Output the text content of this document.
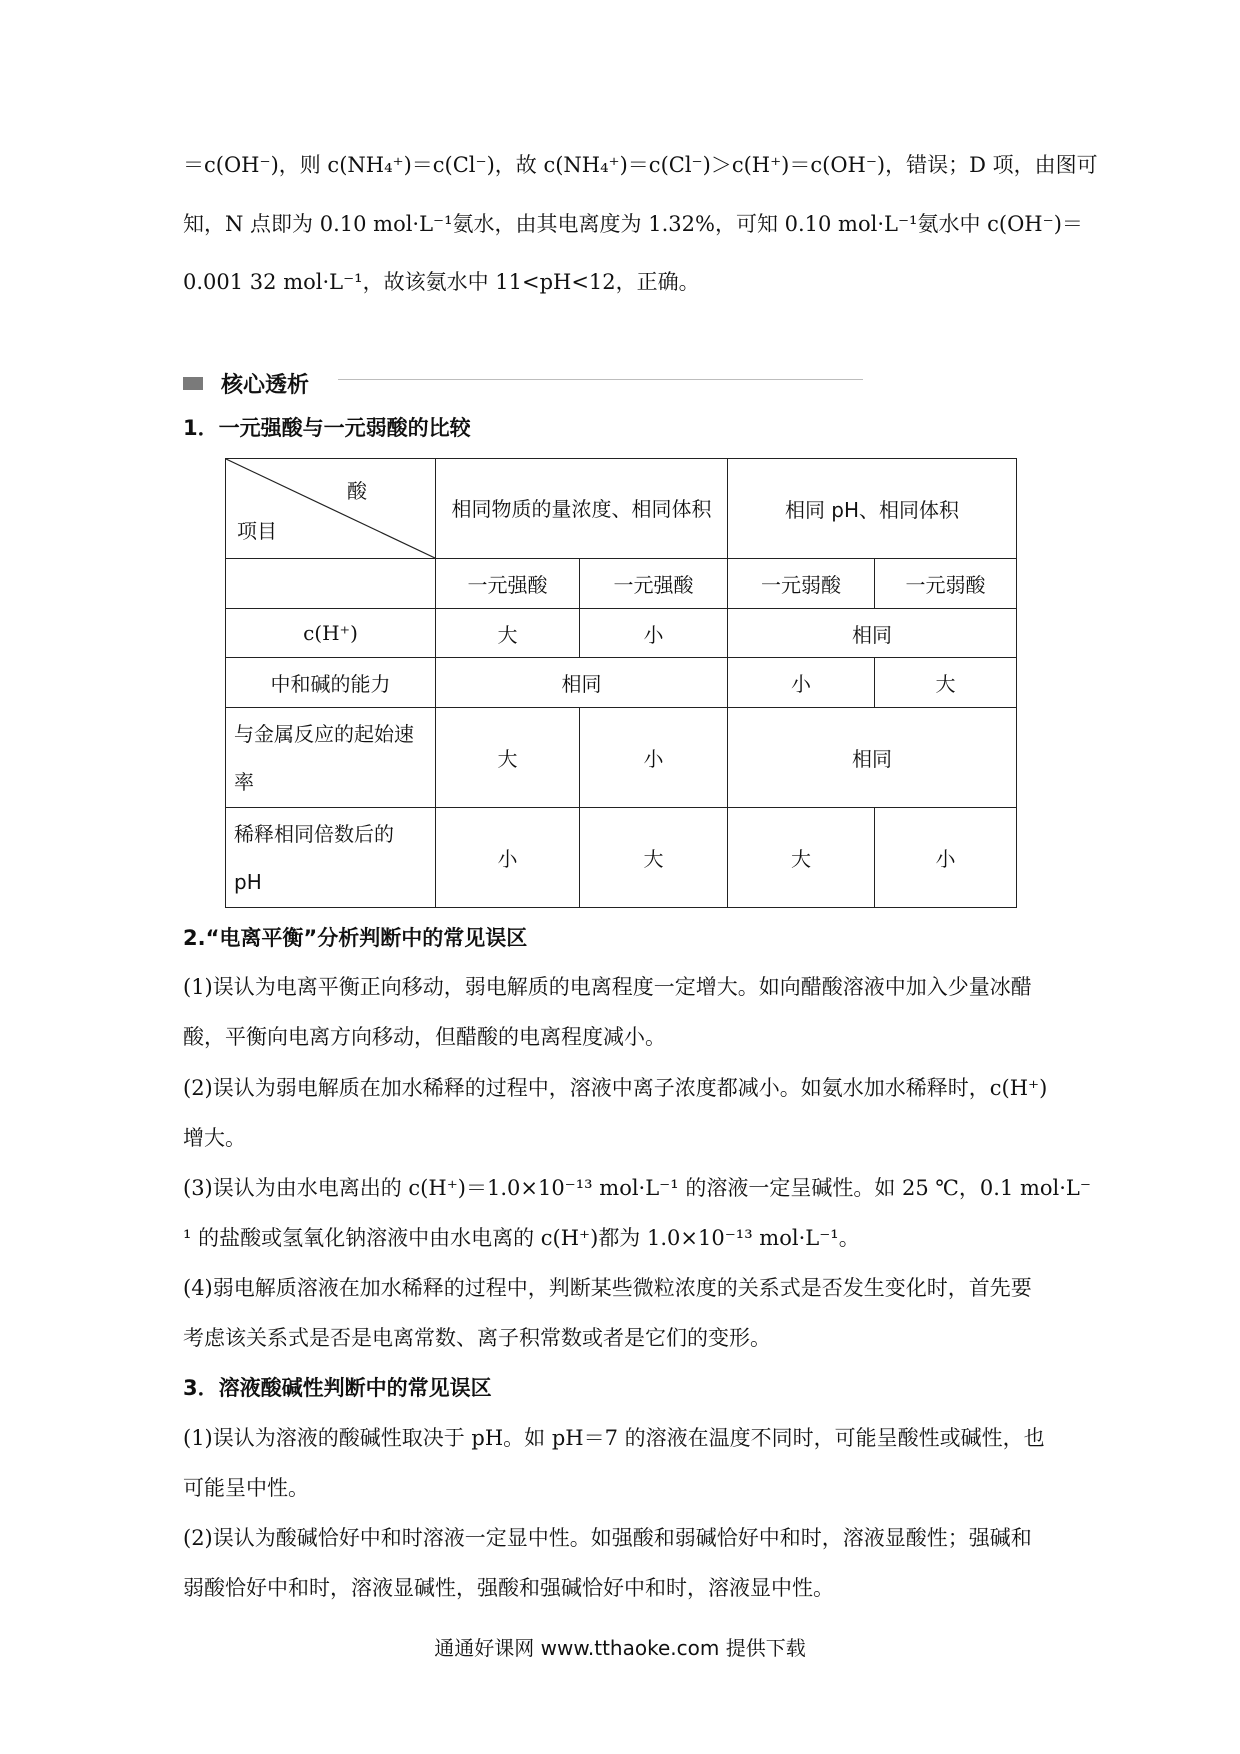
＝c(OH⁻)，则 c(NH₄⁺)＝c(Cl⁻)，故 c(NH₄⁺)＝c(Cl⁻)＞c(H⁺)＝c(OH⁻)，错误；D 项，由图可
知，N 点即为 0.10 mol·L⁻¹氨水，由其电离度为 1.32%，可知 0.10 mol·L⁻¹氨水中 c(OH⁻)＝
0.001 32 mol·L⁻¹，故该氨水中 11<pH<12，正确。
核心透析
1．一元强酸与一元弱酸的比较
酸
项目	相同物质的量浓度、相同体积		相同 pH、相同体积	
	一元强酸	一元强酸	一元弱酸	一元弱酸
c(H⁺)	大	小	相同	
中和碱的能力	相同		小	大
与金属反应的起始速率	大	小	相同	
稀释相同倍数后的 pH	小	大	大	小
2.“电离平衡”分析判断中的常见误区
(1)误认为电离平衡正向移动，弱电解质的电离程度一定增大。如向醋酸溶液中加入少量冰醋
酸，平衡向电离方向移动，但醋酸的电离程度减小。
(2)误认为弱电解质在加水稀释的过程中，溶液中离子浓度都减小。如氨水加水稀释时，c(H⁺)
增大。
(3)误认为由水电离出的 c(H⁺)＝1.0×10⁻¹³ mol·L⁻¹ 的溶液一定呈碱性。如 25 ℃，0.1 mol·L⁻
¹ 的盐酸或氢氧化钠溶液中由水电离的 c(H⁺)都为 1.0×10⁻¹³ mol·L⁻¹。
(4)弱电解质溶液在加水稀释的过程中，判断某些微粒浓度的关系式是否发生变化时，首先要
考虑该关系式是否是电离常数、离子积常数或者是它们的变形。
3．溶液酸碱性判断中的常见误区
(1)误认为溶液的酸碱性取决于 pH。如 pH＝7 的溶液在温度不同时，可能呈酸性或碱性，也
可能呈中性。
(2)误认为酸碱恰好中和时溶液一定显中性。如强酸和弱碱恰好中和时，溶液显酸性；强碱和
弱酸恰好中和时，溶液显碱性，强酸和强碱恰好中和时，溶液显中性。
通通好课网 www.tthaoke.com 提供下载
